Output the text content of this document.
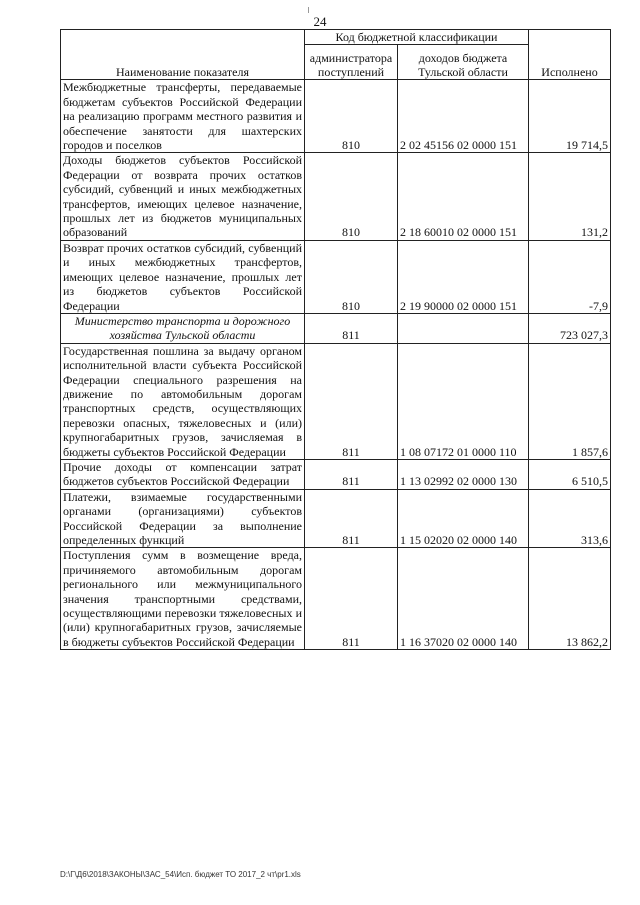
24
Наименование показателя	Код бюджетной классификации		Исполнено
	администратора поступлений	доходов бюджета Тульской области	
Межбюджетные трансферты, передаваемые бюджетам субъектов Российской Федерации на реализацию программ местного развития и обеспечение занятости для шахтерских городов и поселков	810	2 02 45156 02 0000 151	19 714,5
Доходы бюджетов субъектов Российской Федерации от возврата прочих остатков субсидий, субвенций и иных межбюджетных трансфертов, имеющих целевое назначение, прошлых лет из бюджетов муниципальных образований	810	2 18 60010 02 0000 151	131,2
Возврат прочих остатков субсидий, субвенций и иных межбюджетных трансфертов, имеющих целевое назначение, прошлых лет из бюджетов субъектов Российской Федерации	810	2 19 90000 02 0000 151	-7,9
Министерство транспорта и дорожного хозяйства Тульской области	811		723 027,3
Государственная пошлина за выдачу органом исполнительной власти субъекта Российской Федерации специального разрешения на движение по автомобильным дорогам транспортных средств, осуществляющих перевозки опасных, тяжеловесных и (или) крупногабаритных грузов, зачисляемая в бюджеты субъектов Российской Федерации	811	1 08 07172 01 0000 110	1 857,6
Прочие доходы от компенсации затрат бюджетов субъектов Российской Федерации	811	1 13 02992 02 0000 130	6 510,5
Платежи, взимаемые государственными органами (организациями) субъектов Российской Федерации за выполнение определенных функций	811	1 15 02020 02 0000 140	313,6
Поступления сумм в возмещение вреда, причиняемого автомобильным дорогам регионального или межмуниципального значения транспортными средствами, осуществляющими перевозки тяжеловесных и (или) крупногабаритных грузов, зачисляемые в бюджеты субъектов Российской Федерации	811	1 16 37020 02 0000 140	13 862,2
D:\Г\Д6\2018\ЗАКОНЫ\ЗАС_54\Исп. бюджет ТО 2017_2 чт\pr1.xls
